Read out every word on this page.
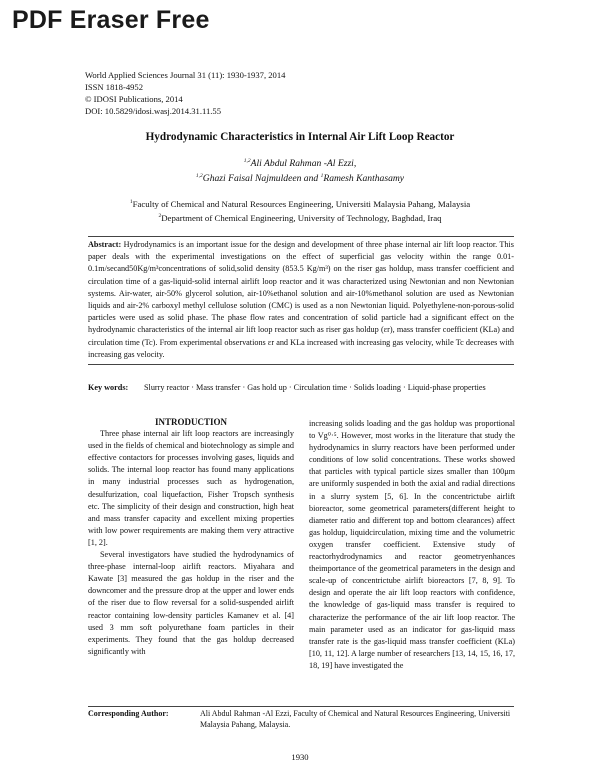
PDF Eraser Free
World Applied Sciences Journal 31 (11): 1930-1937, 2014
ISSN 1818-4952
© IDOSI Publications, 2014
DOI: 10.5829/idosi.wasj.2014.31.11.55
Hydrodynamic Characteristics in Internal Air Lift Loop Reactor
$^{1,2}$Ali Abdul Rahman -Al Ezzi,
$^{1,2}$Ghazi Faisal Najmuldeen and $^1$Ramesh Kanthasamy
$^1$Faculty of Chemical and Natural Resources Engineering, Universiti Malaysia Pahang, Malaysia
$^2$Department of Chemical Engineering, University of Technology, Baghdad, Iraq

Abstract: Hydrodynamics is an important issue for the design and development of three phase internal air lift loop reactor. This paper deals with the experimental investigations on the effect of superficial gas velocity within the range 0.01-0.1m/secand50Kg/m³concentrations of solid,solid density (853.5 Kg/m³) on the riser gas holdup, mass transfer coefficient and circulation time of a gas-liquid-solid internal airlift loop reactor and it was characterized using Newtonian and non Newtonian systems. Air-water, air-50% glycerol solution, air-10%ethanol solution and air-10%methanol solution are used as Newtonian liquids and air-2% carboxyl methyl cellulose solution (CMC) is used as a non Newtonian liquid. Polyethylene-non-porous-solid particles were used as solid phase. The phase flow rates and concentration of solid particle had a significant effect on the hydrodynamic characteristics of the internal air lift loop reactor such as riser gas holdup (εr), mass transfer coefficient (KLa) and circulation time (Tc). From experimental observations εr and KLa increased with increasing gas velocity, while Tc decreases with increasing gas velocity.

Key words: Slurry reactor · Mass transfer · Gas hold up · Circulation time · Solids loading · Liquid-phase properties

INTRODUCTION

Three phase internal air lift loop reactors are increasingly used in the fields of chemical and biotechnology as simple and effective contactors for processes involving gases, liquids and solids. The internal loop reactor has found many applications in many industrial processes such as hydrogenation, desulfurization, coal liquefaction, Fisher Tropsch synthesis etc. The simplicity of their design and construction, high heat and mass transfer capacity and excellent mixing properties with low power requirements are making them very attractive [1, 2].

Several investigators have studied the hydrodynamics of three-phase internal-loop airlift reactors. Miyahara and Kawate [3] measured the gas holdup in the riser and the downcomer and the pressure drop at the upper and lower ends of the riser due to flow reversal for a solid-suspended airlift reactor containing low-density particles Kamanev et al. [4] used 3 mm soft polyurethane foam particles in their experiments. They found that the gas holdup decreased significantly with

increasing solids loading and the gas holdup was proportional to Vg⁰·⁵. However, most works in the literature that study the hydrodynamics in slurry reactors have been performed under conditions of low solid concentrations. These works showed that particles with typical particle sizes smaller than 100μm are uniformly suspended in both the axial and radial directions in a slurry system [5, 6]. In the concentrictube airlift bioreactor, some geometrical parameters(different height to diameter ratio and different top and bottom clearances) affect gas holdup, liquidcirculation, mixing time and the volumetric oxygen transfer coefficient. Extensive study of reactorhydrodynamics and reactor geometryenhances theimportance of the geometrical parameters in the design and scale-up of concentrictube airlift bioreactors [7, 8, 9]. To design and operate the air lift loop reactors with confidence, the knowledge of gas-liquid mass transfer is required to characterize the performance of the air lift loop reactor. The main parameter used as an indicator for gas-liquid mass transfer rate is the gas-liquid mass transfer coefficient (KLa) [10, 11, 12]. A large number of researchers [13, 14, 15, 16, 17, 18, 19] have investigated the

Corresponding Author:	Ali Abdul Rahman -Al Ezzi, Faculty of Chemical and Natural Resources Engineering, Universiti Malaysia Pahang, Malaysia.
1930
